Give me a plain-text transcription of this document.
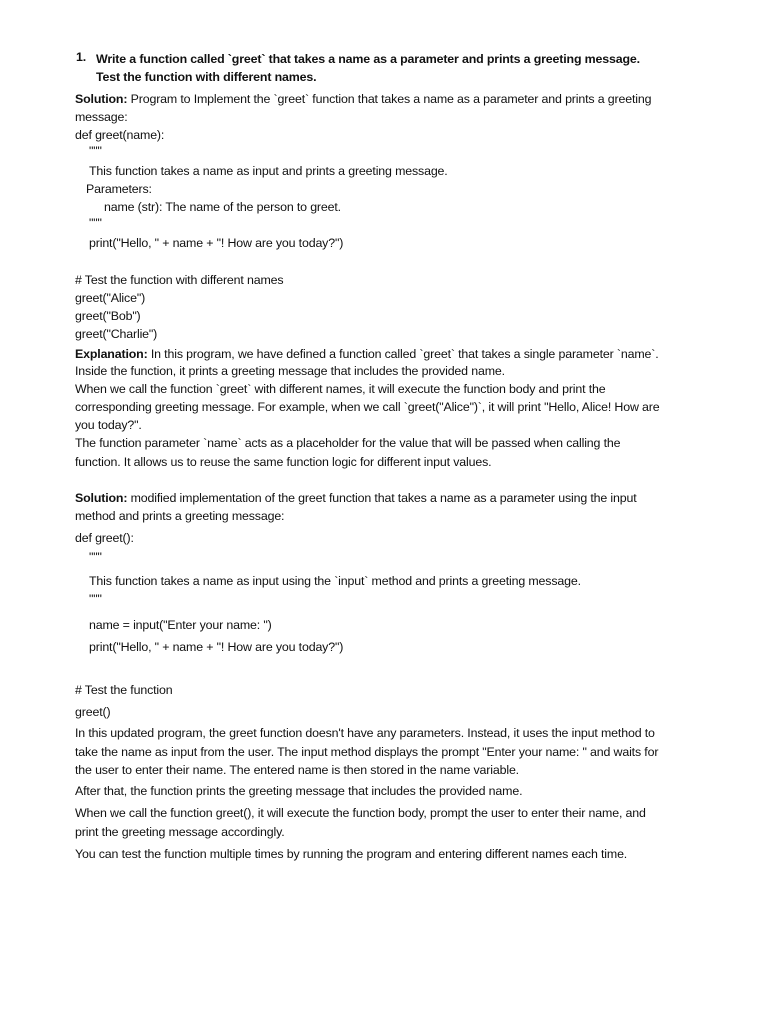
1. Write a function called `greet` that takes a name as a parameter and prints a greeting message.
Test the function with different names.
Solution: Program to Implement the `greet` function that takes a name as a parameter and prints a greeting
message:
def greet(name):
"""
This function takes a name as input and prints a greeting message.
Parameters:
name (str): The name of the person to greet.
"""
print("Hello, " + name + "! How are you today?")
# Test the function with different names
greet("Alice")
greet("Bob")
greet("Charlie")
Explanation: In this program, we have defined a function called `greet` that takes a single parameter `name`.
Inside the function, it prints a greeting message that includes the provided name.
When we call the function `greet` with different names, it will execute the function body and print the
corresponding greeting message. For example, when we call `greet("Alice")`, it will print "Hello, Alice! How are
you today?".
The function parameter `name` acts as a placeholder for the value that will be passed when calling the
function. It allows us to reuse the same function logic for different input values.
Solution: modified implementation of the greet function that takes a name as a parameter using the input
method and prints a greeting message:
def greet():
"""
This function takes a name as input using the `input` method and prints a greeting message.
"""
name = input("Enter your name: ")
print("Hello, " + name + "! How are you today?")
# Test the function
greet()
In this updated program, the greet function doesn't have any parameters. Instead, it uses the input method to
take the name as input from the user. The input method displays the prompt "Enter your name: " and waits for
the user to enter their name. The entered name is then stored in the name variable.
After that, the function prints the greeting message that includes the provided name.
When we call the function greet(), it will execute the function body, prompt the user to enter their name, and
print the greeting message accordingly.
You can test the function multiple times by running the program and entering different names each time.
